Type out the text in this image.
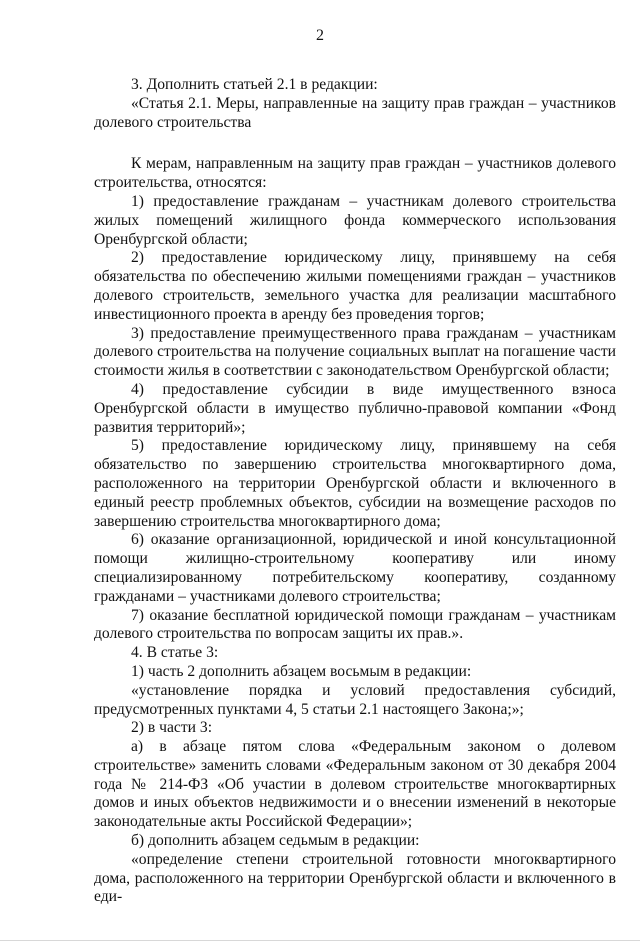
2

3. Дополнить статьей 2.1 в редакции:

«Статья 2.1. Меры, направленные на защиту прав граждан – участников долевого строительства

К мерам, направленным на защиту прав граждан – участников долевого строительства, относятся:

1) предоставление гражданам – участникам долевого строительства жилых помещений жилищного фонда коммерческого использования Оренбургской области;

2) предоставление юридическому лицу, принявшему на себя обязательства по обеспечению жилыми помещениями граждан – участников долевого строительств, земельного участка для реализации масштабного инвестиционного проекта в аренду без проведения торгов;

3) предоставление преимущественного права гражданам – участникам долевого строительства на получение социальных выплат на погашение части стоимости жилья в соответствии с законодательством Оренбургской области;

4) предоставление субсидии в виде имущественного взноса Оренбургской области в имущество публично-правовой компании «Фонд развития территорий»;

5) предоставление юридическому лицу, принявшему на себя обязательство по завершению строительства многоквартирного дома, расположенного на территории Оренбургской области и включенного в единый реестр проблемных объектов, субсидии на возмещение расходов по завершению строительства многоквартирного дома;

6) оказание организационной, юридической и иной консультационной помощи жилищно-строительному кооперативу или иному специализированному потребительскому кооперативу, созданному гражданами – участниками долевого строительства;

7) оказание бесплатной юридической помощи гражданам – участникам долевого строительства по вопросам защиты их прав.».

4. В статье 3:

1) часть 2 дополнить абзацем восьмым в редакции:

«установление порядка и условий предоставления субсидий, предусмотренных пунктами 4, 5 статьи 2.1 настоящего Закона;»;

2) в части 3:

а) в абзаце пятом слова «Федеральным законом о долевом строительстве» заменить словами «Федеральным законом от 30 декабря 2004 года № 214-ФЗ «Об участии в долевом строительстве многоквартирных домов и иных объектов недвижимости и о внесении изменений в некоторые законодательные акты Российской Федерации»;

б) дополнить абзацем седьмым в редакции:

«определение степени строительной готовности многоквартирного дома, расположенного на территории Оренбургской области и включенного в еди-
